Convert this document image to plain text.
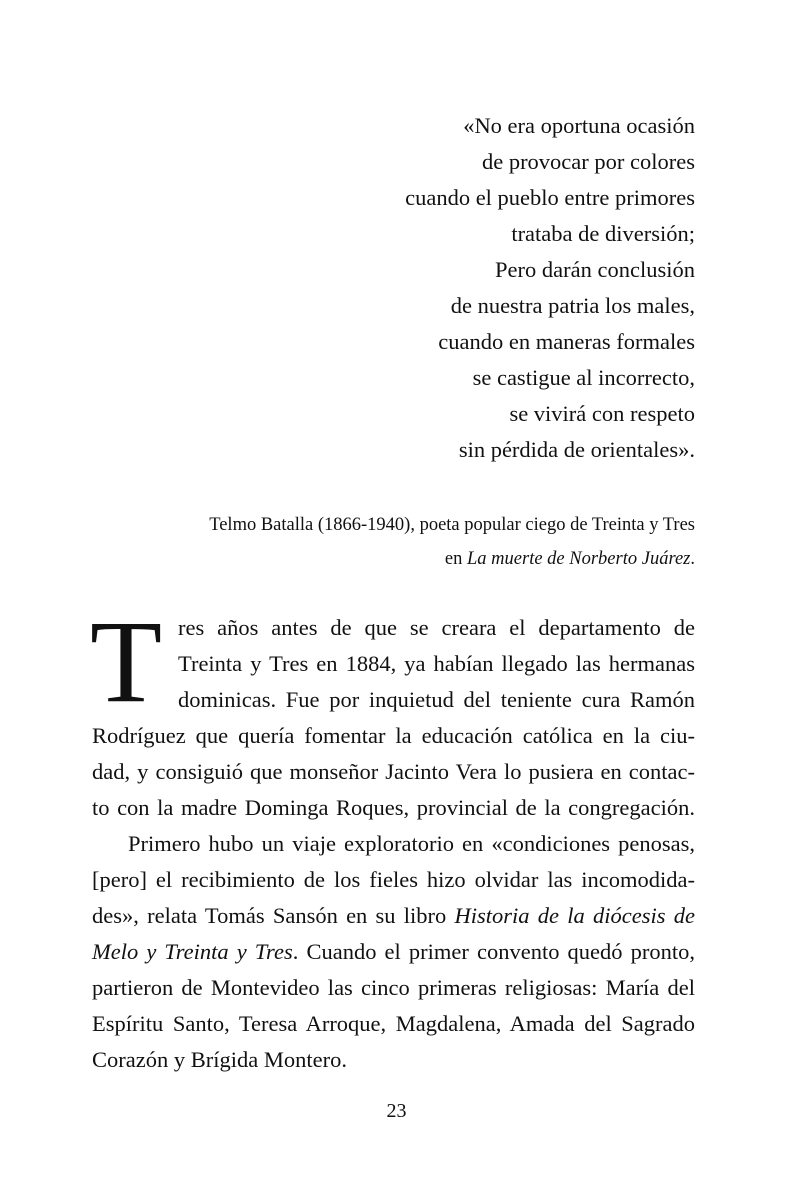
«No era oportuna ocasión
de provocar por colores
cuando el pueblo entre primores
trataba de diversión;
Pero darán conclusión
de nuestra patria los males,
cuando en maneras formales
se castigue al incorrecto,
se vivirá con respeto
sin pérdida de orientales».
Telmo Batalla (1866-1940), poeta popular ciego de Treinta y Tres
en La muerte de Norberto Juárez.
T res años antes de que se creara el departamento de
Treinta y Tres en 1884, ya habían llegado las hermanas
dominicas. Fue por inquietud del teniente cura Ramón
Rodríguez que quería fomentar la educación católica en la ciu-
dad, y consiguió que monseñor Jacinto Vera lo pusiera en contac-
to con la madre Dominga Roques, provincial de la congregación.
Primero hubo un viaje exploratorio en «condiciones penosas,
[pero] el recibimiento de los fieles hizo olvidar las incomodida-
des», relata Tomás Sansón en su libro Historia de la diócesis de
Melo y Treinta y Tres. Cuando el primer convento quedó pronto,
partieron de Montevideo las cinco primeras religiosas: María del
Espíritu Santo, Teresa Arroque, Magdalena, Amada del Sagrado
Corazón y Brígida Montero.
23
